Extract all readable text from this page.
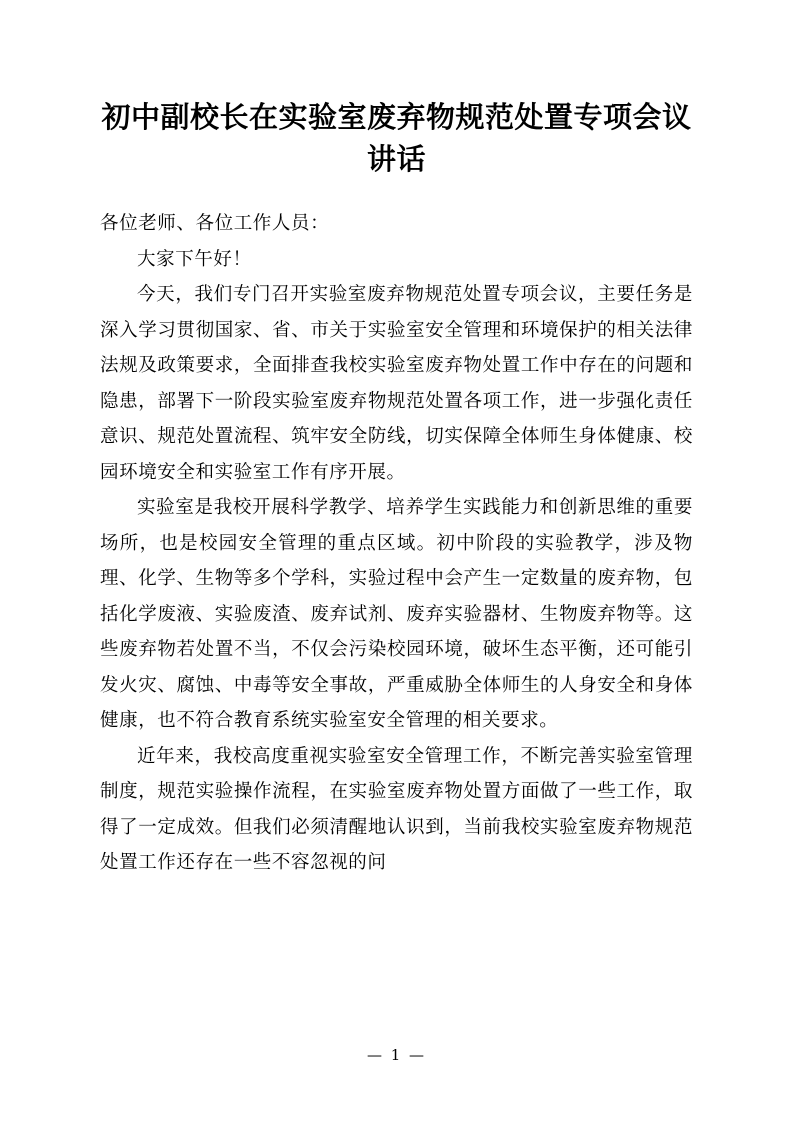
初中副校长在实验室废弃物规范处置专项会议讲话

各位老师、各位工作人员：

大家下午好！

今天，我们专门召开实验室废弃物规范处置专项会议，主要任务是深入学习贯彻国家、省、市关于实验室安全管理和环境保护的相关法律法规及政策要求，全面排查我校实验室废弃物处置工作中存在的问题和隐患，部署下一阶段实验室废弃物规范处置各项工作，进一步强化责任意识、规范处置流程、筑牢安全防线，切实保障全体师生身体健康、校园环境安全和实验室工作有序开展。

实验室是我校开展科学教学、培养学生实践能力和创新思维的重要场所，也是校园安全管理的重点区域。初中阶段的实验教学，涉及物理、化学、生物等多个学科，实验过程中会产生一定数量的废弃物，包括化学废液、实验废渣、废弃试剂、废弃实验器材、生物废弃物等。这些废弃物若处置不当，不仅会污染校园环境，破坏生态平衡，还可能引发火灾、腐蚀、中毒等安全事故，严重威胁全体师生的人身安全和身体健康，也不符合教育系统实验室安全管理的相关要求。

近年来，我校高度重视实验室安全管理工作，不断完善实验室管理制度，规范实验操作流程，在实验室废弃物处置方面做了一些工作，取得了一定成效。但我们必须清醒地认识到，当前我校实验室废弃物规范处置工作还存在一些不容忽视的问

— 1 —
